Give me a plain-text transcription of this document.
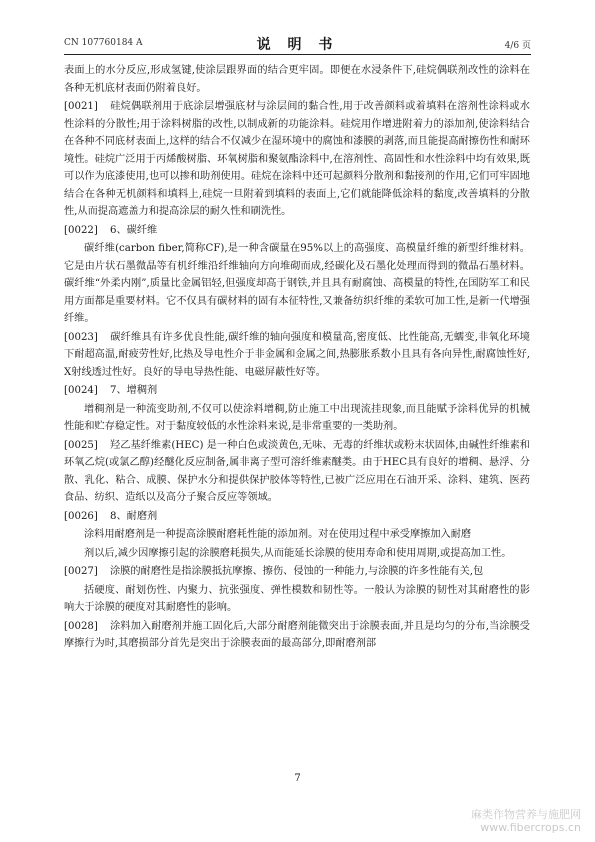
CN 107760184 A	说 明 书	4/6 页

表面上的水分反应,形成氢键,使涂层跟界面的结合更牢固。即便在水浸条件下,硅烷偶联剂改性的涂料在各种无机底材表面仍附着良好。

[0021] 硅烷偶联剂用于底涂层增强底材与涂层间的黏合性,用于改善颜料或着填料在溶剂性涂料或水性涂料的分散性;用于涂料树脂的改性,以制成新的功能涂料。硅烷用作增进附着力的添加剂,使涂料结合在各种不同底材表面上,这样的结合不仅减少在湿环境中的腐蚀和漆膜的剥落,而且能提高耐擦伤性和耐环境性。硅烷广泛用于丙烯酸树脂、环氧树脂和聚氨酯涂料中,在溶剂性、高固性和水性涂料中均有效果,既可以作为底漆使用,也可以掺和助剂使用。硅烷在涂料中还可起颜料分散剂和黏接剂的作用,它们可牢固地结合在各种无机颜料和填料上,硅烷一旦附着到填料的表面上,它们就能降低涂料的黏度,改善填料的分散性,从而提高遮盖力和提高涂层的耐久性和刷洗性。

[0022] 6、碳纤维

碳纤维(carbon fiber,简称CF),是一种含碳量在95%以上的高强度、高模量纤维的新型纤维材料。它是由片状石墨微晶等有机纤维沿纤维轴向方向堆砌而成,经碳化及石墨化处理而得到的微晶石墨材料。碳纤维“外柔内刚”,质量比金属铝轻,但强度却高于钢铁,并且具有耐腐蚀、高模量的特性,在国防军工和民用方面都是重要材料。它不仅具有碳材料的固有本征特性,又兼备纺织纤维的柔软可加工性,是新一代增强纤维。

[0023] 碳纤维具有许多优良性能,碳纤维的轴向强度和模量高,密度低、比性能高,无蠕变,非氧化环境下耐超高温,耐疲劳性好,比热及导电性介于非金属和金属之间,热膨胀系数小且具有各向异性,耐腐蚀性好,X射线透过性好。良好的导电导热性能、电磁屏蔽性好等。

[0024] 7、增稠剂

增稠剂是一种流变助剂,不仅可以使涂料增稠,防止施工中出现流挂现象,而且能赋予涂料优异的机械性能和贮存稳定性。对于黏度较低的水性涂料来说,是非常重要的一类助剂。

[0025] 羟乙基纤维素(HEC) 是一种白色或淡黄色,无味、无毒的纤维状或粉末状固体,由碱性纤维素和环氧乙烷(或氯乙醇)经醚化反应制备,属非离子型可溶纤维素醚类。由于HEC具有良好的增稠、悬浮、分散、乳化、粘合、成膜、保护水分和提供保护胶体等特性,已被广泛应用在石油开采、涂料、建筑、医药食品、纺织、造纸以及高分子聚合反应等领域。

[0026] 8、耐磨剂

涂料用耐磨剂是一种提高涂膜耐磨耗性能的添加剂。对在使用过程中承受摩擦加入耐磨

剂以后,减少因摩擦引起的涂膜磨耗损失,从而能延长涂膜的使用寿命和使用周期,或提高加工性。

[0027] 涂膜的耐磨性是指涂膜抵抗摩擦、擦伤、侵蚀的一种能力,与涂膜的许多性能有关,包

括硬度、耐划伤性、内聚力、抗张强度、弹性模数和韧性等。一般认为涂膜的韧性对其耐磨性的影响大于涂膜的硬度对其耐磨性的影响。

[0028] 涂料加入耐磨剂并施工固化后,大部分耐磨剂能微突出于涂膜表面,并且是均匀的分布,当涂膜受摩擦行为时,其磨损部分首先是突出于涂膜表面的最高部分,即耐磨剂部

7
麻类作物营养与施肥网
www.fibercrops.cn
